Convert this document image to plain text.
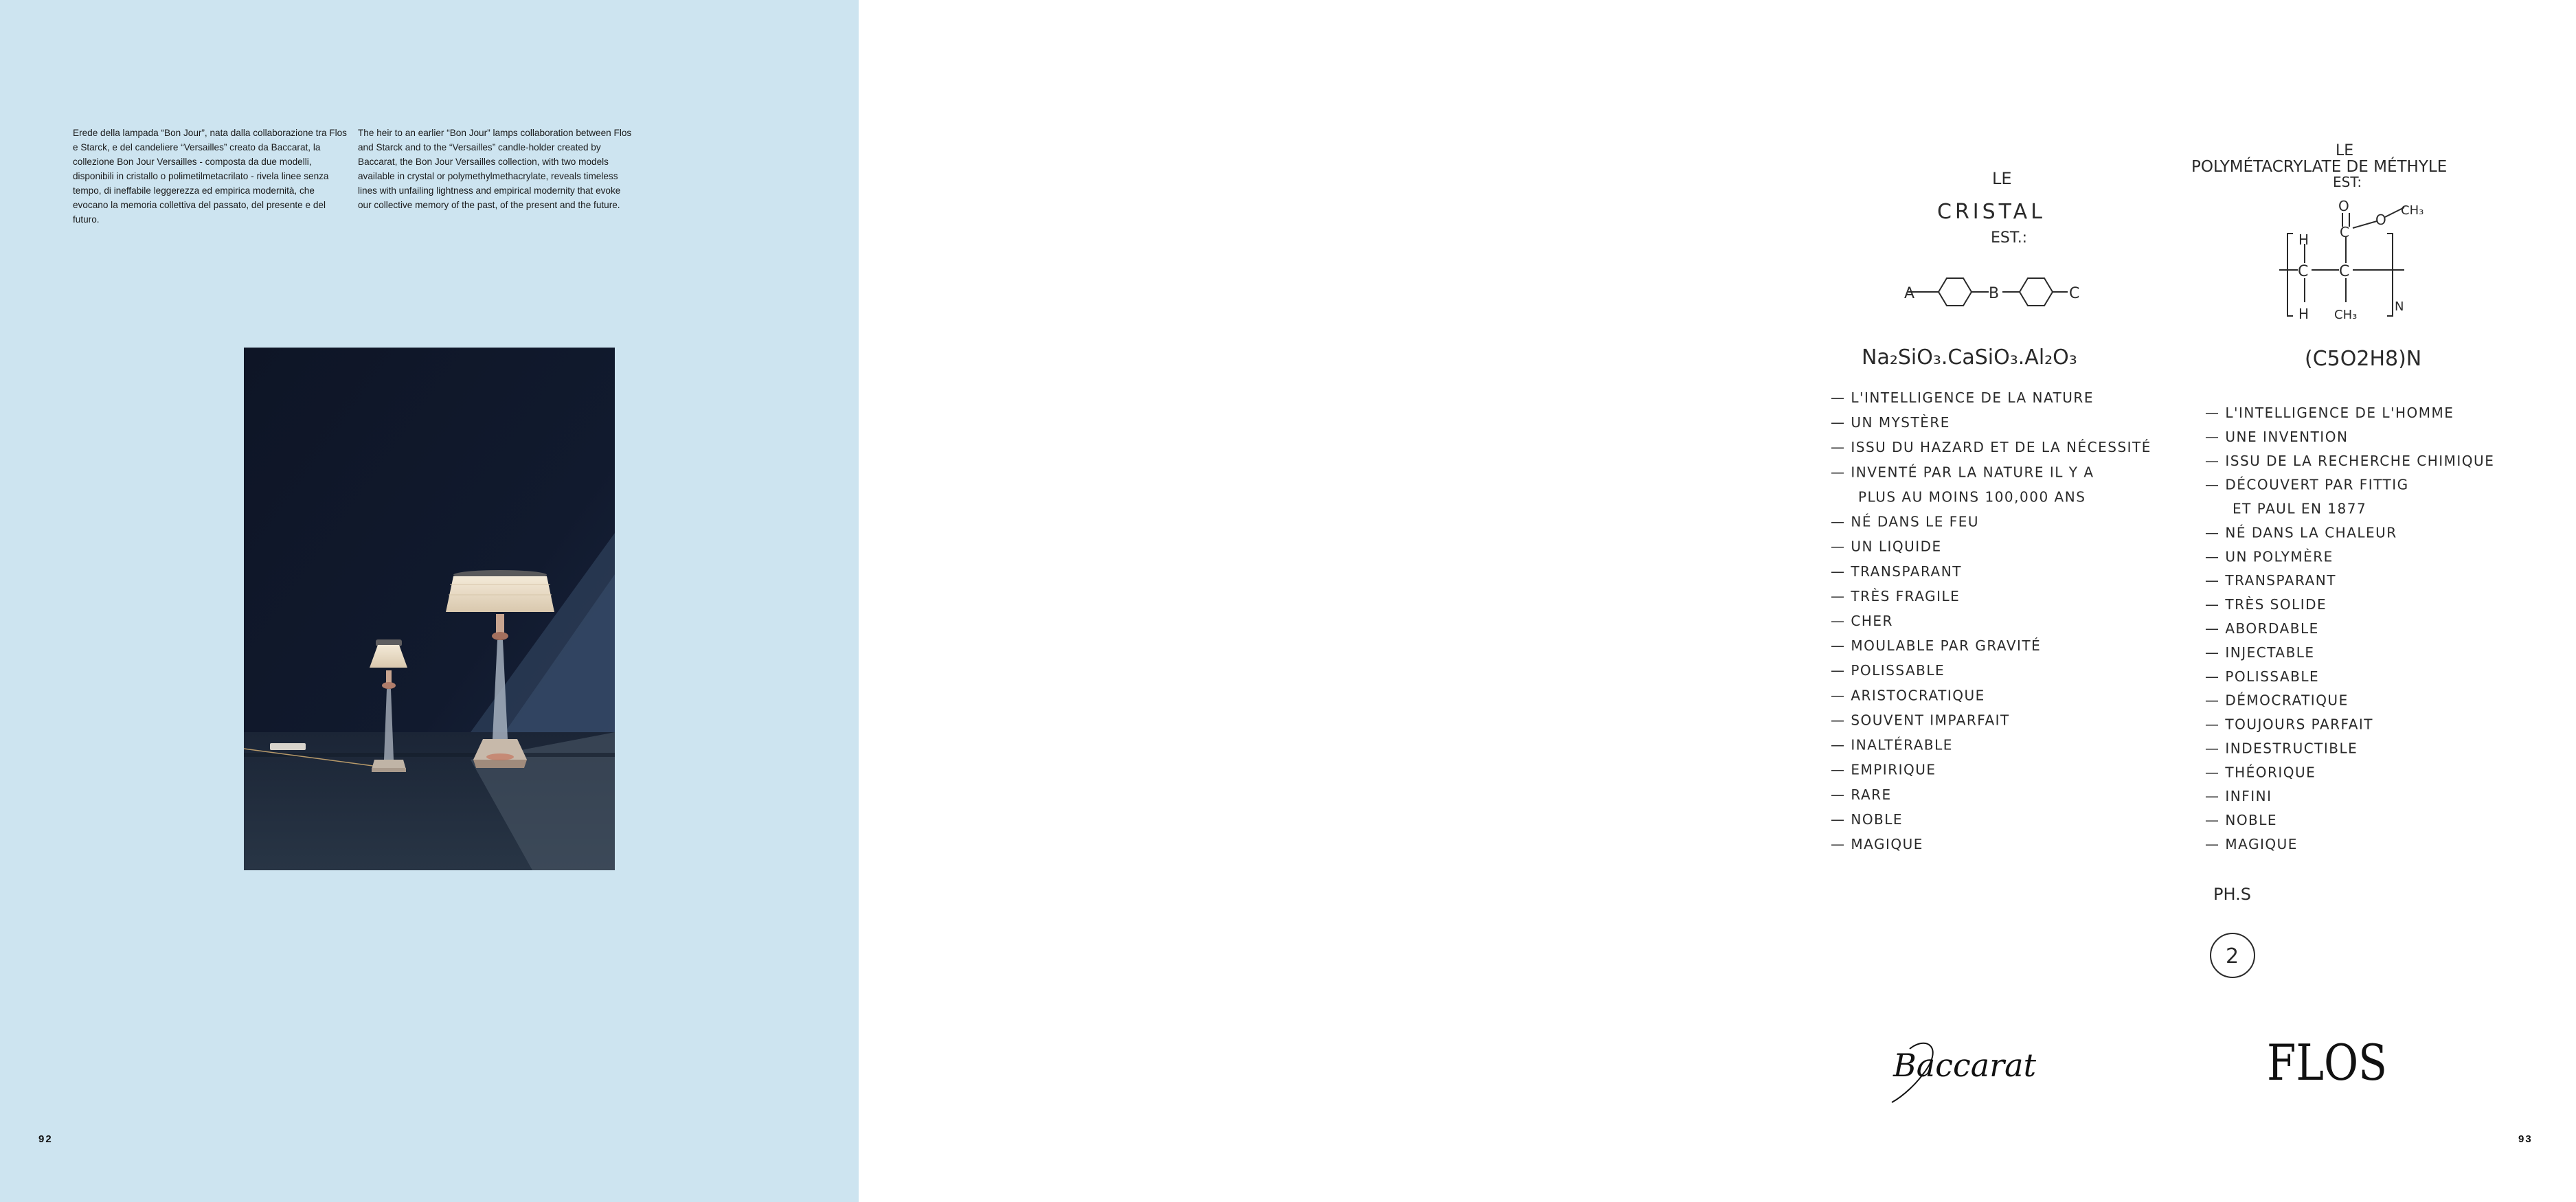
Erede della lampada “Bon Jour”, nata dalla collaborazione tra Flos e Starck, e del candeliere “Versailles” creato da Baccarat, la collezione Bon Jour Versailles - composta da due modelli, disponibili in cristallo o polimetilmetacrilato - rivela linee senza tempo, di ineffabile leggerezza ed empirica modernità, che evocano la memoria collettiva del passato, del presente e del futuro.

The heir to an earlier “Bon Jour” lamps collaboration between Flos and Starck and to the “Versailles” candle-holder created by Baccarat, the Bon Jour Versailles collection, with two models available in crystal or polymethylmethacrylate, reveals timeless lines with unfailing lightness and empirical modernity that evoke our collective memory of the past, of the present and the future.

92
LE
CRISTAL
EST.:
LE
POLYMÉTACRYLATE DE MÉTHYLE
EST:
A	B	C
O
C
O
CH₃
H
C C
H CH₃
N
Na₂SiO₃.CaSiO₃.Al₂O₃	(C5O2H8)N
— L'INTELLIGENCE DE LA NATURE
— UN MYSTÈRE
— ISSU DU HAZARD ET DE LA NÉCESSITÉ
— INVENTÉ PAR LA NATURE IL Y A
PLUS AU MOINS 100,000 ANS
— NÉ DANS LE FEU
— UN LIQUIDE
— TRANSPARANT
— TRÈS FRAGILE
— CHER
— MOULABLE PAR GRAVITÉ
— POLISSABLE
— ARISTOCRATIQUE
— SOUVENT IMPARFAIT
— INALTÉRABLE
— EMPIRIQUE
— RARE
— NOBLE
— MAGIQUE
— L'INTELLIGENCE DE L'HOMME
— UNE INVENTION
— ISSU DE LA RECHERCHE CHIMIQUE
— DÉCOUVERT PAR FITTIG
ET PAUL EN 1877
— NÉ DANS LA CHALEUR
— UN POLYMÈRE
— TRANSPARANT
— TRÈS SOLIDE
— ABORDABLE
— INJECTABLE
— POLISSABLE
— DÉMOCRATIQUE
— TOUJOURS PARFAIT
— INDESTRUCTIBLE
— THÉORIQUE
— INFINI
— NOBLE
— MAGIQUE
PH.S
2
Baccarat	FLOS
93
